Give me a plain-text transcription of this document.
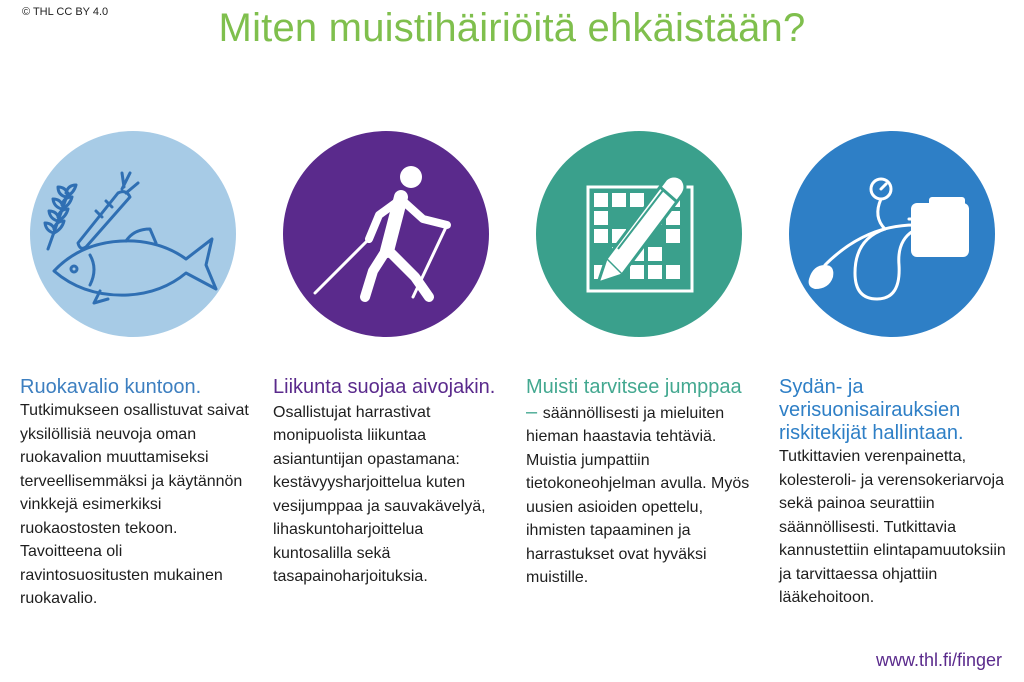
© THL CC BY 4.0	Miten muistihäiriöitä ehkäistään?
Ruokavalio kuntoon.
Tutkimukseen osallistuvat saivat yksilöllisiä neuvoja oman ruokavalion muuttamiseksi terveellisemmäksi ja käytännön vinkkejä esimerkiksi ruokaostosten tekoon. Tavoitteena oli ravintosuositusten mukainen ruokavalio.
Liikunta suojaa aivojakin. Osallistujat harrastivat monipuolista liikuntaa asiantuntijan opastamana: kestävyysharjoittelua kuten vesijumppaa ja sauvakävelyä, lihaskuntoharjoittelua kuntosalilla sekä tasapainoharjoituksia.
Muisti tarvitsee jumppaa – säännöllisesti ja mieluiten hieman haastavia tehtäviä. Muistia jumpattiin tietokoneohjelman avulla. Myös uusien asioiden opettelu, ihmisten tapaaminen ja harrastukset ovat hyväksi muistille.
Sydän- ja verisuonisairauksien riskitekijät hallintaan.
Tutkittavien verenpainetta, kolesteroli- ja verensokeriarvoja sekä painoa seurattiin säännöllisesti. Tutkittavia kannustettiin elintapamuutoksiin ja tarvittaessa ohjattiin lääkehoitoon.
www.thl.fi/finger
